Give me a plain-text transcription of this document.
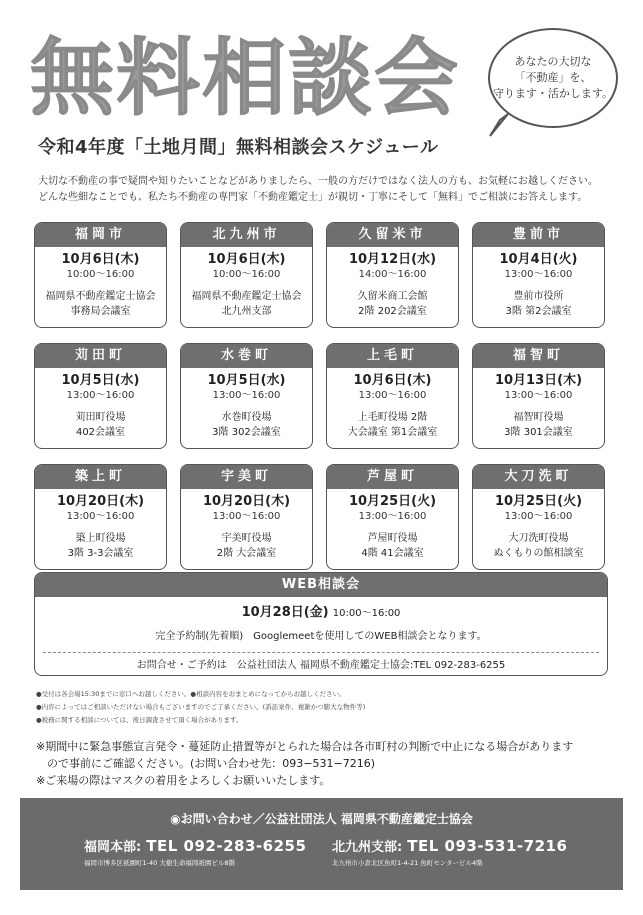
無料相談会	あなたの大切な
「不動産」を、
守ります・活かします。
令和4年度「土地月間」無料相談会スケジュール
大切な不動産の事で疑問や知りたいことなどがありましたら、一般の方だけではなく法人の方も、お気軽にお越しください。
どんな些細なことでも、私たち不動産の専門家「不動産鑑定士」が親切・丁寧にそして「無料」でご相談にお答えします。
福岡市
10月6日(木)
10:00〜16:00
福岡県不動産鑑定士協会
事務局会議室
北九州市
10月6日(木)
10:00〜16:00
福岡県不動産鑑定士協会
北九州支部
久留米市
10月12日(水)
14:00〜16:00
久留米商工会館
2階 202会議室
豊前市
10月4日(火)
13:00〜16:00
豊前市役所
3階 第2会議室
苅田町
10月5日(水)
13:00〜16:00
苅田町役場
402会議室
水巻町
10月5日(水)
13:00〜16:00
水巻町役場
3階 302会議室
上毛町
10月6日(木)
13:00〜16:00
上毛町役場 2階
大会議室 第1会議室
福智町
10月13日(木)
13:00〜16:00
福智町役場
3階 301会議室
築上町
10月20日(木)
13:00〜16:00
築上町役場
3階 3-3会議室
宇美町
10月20日(木)
13:00〜16:00
宇美町役場
2階 大会議室
芦屋町
10月25日(火)
13:00〜16:00
芦屋町役場
4階 41会議室
大刀洗町
10月25日(火)
13:00〜16:00
大刀洗町役場
ぬくもりの館相談室
WEB相談会
10月28日(金) 10:00〜16:00
完全予約制(先着順)　Googlemeetを使用してのWEB相談会となります。
お問合せ・ご予約は　公益社団法人 福岡県不動産鑑定士協会:TEL 092-283-6255
●受付は各会場15:30までに窓口へお越しください。●相談内容をおまとめになってからお越しください。
●内容によってはご相談いただけない場合もございますのでご了承ください。(訴訟案件、複雑かつ膨大な物件等)
●税務に関する相談については、後日調査させて頂く場合があります。
※期間中に緊急事態宣言発令・蔓延防止措置等がとられた場合は各市町村の判断で中止になる場合があります
　ので事前にご確認ください。(お問い合わせ先：093−531−7216)
※ご来場の際はマスクの着用をよろしくお願いいたします。
◉お問い合わせ／公益社団法人 福岡県不動産鑑定士協会
福岡本部: TEL 092-283-6255
福岡市博多区祇園町1-40 大樹生命福岡祇園ビル8階
北九州支部: TEL 093-531-7216
北九州市小倉北区魚町1-4-21 魚町センタービル4階
